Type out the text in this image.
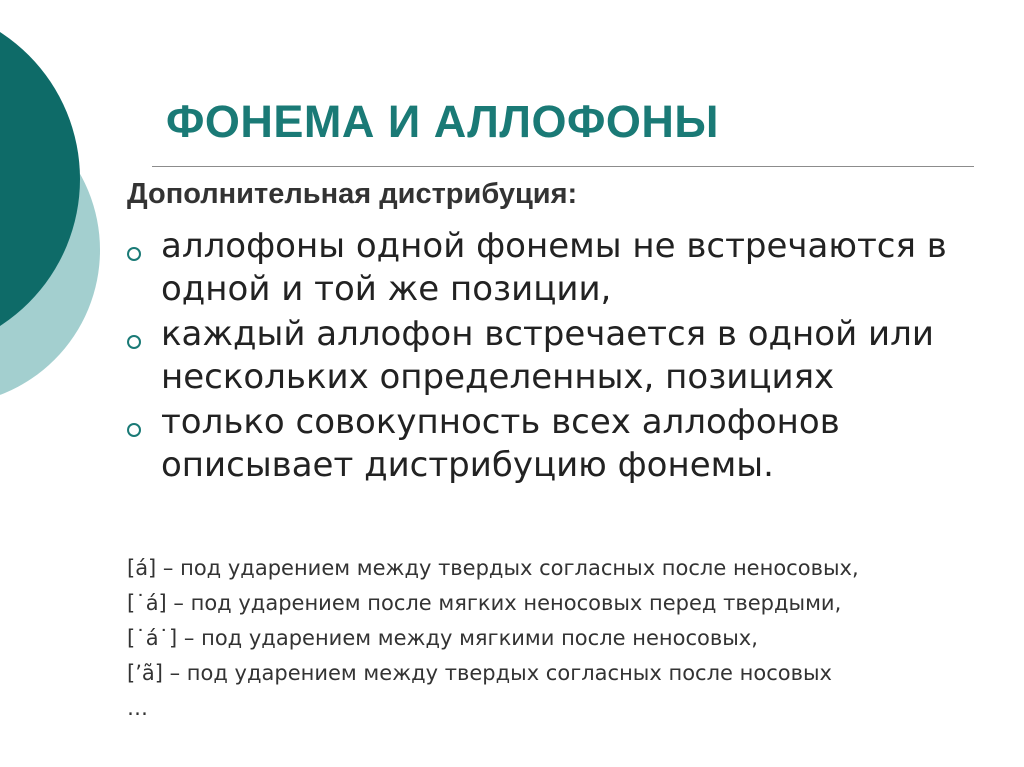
ФОНЕМА И АЛЛОФОНЫ
Дополнительная дистрибуция:
аллофоны одной фонемы не встречаются в одной и той же позиции,
каждый аллофон встречается в одной или нескольких определенных, позициях
только совокупность всех аллофонов описывает дистрибуцию фонемы.
[а́] – под ударением между твердых согласных после неносовых,
[˙а́] – под ударением после мягких неносовых перед твердыми,
[˙а́˙] – под ударением между мягкими после неносовых,
[ʼã] – под ударением между твердых согласных после носовых
…
